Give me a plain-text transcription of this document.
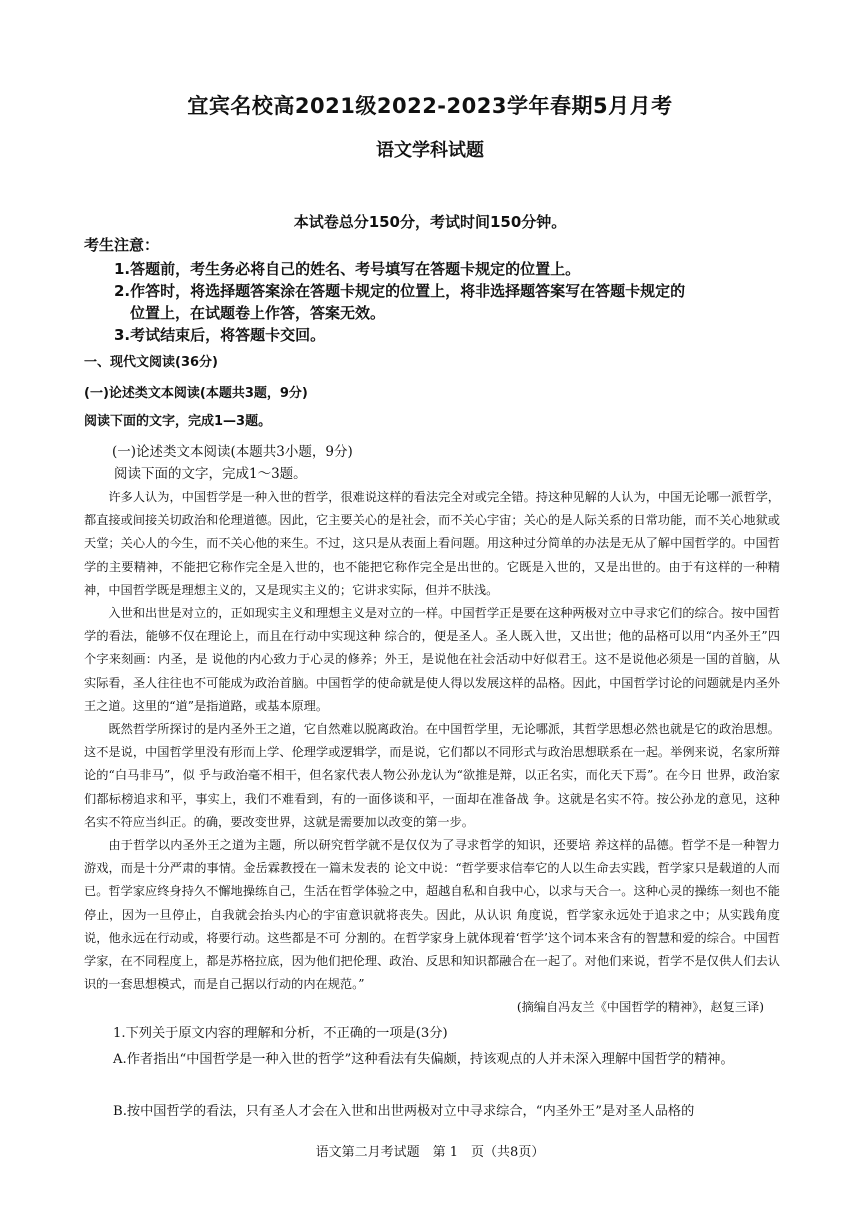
宜宾名校高2021级2022-2023学年春期5月月考
语文学科试题
本试卷总分150分，考试时间150分钟。
考生注意：
1.答题前，考生务必将自己的姓名、考号填写在答题卡规定的位置上。
2.作答时，将选择题答案涂在答题卡规定的位置上，将非选择题答案写在答题卡规定的
位置上，在试题卷上作答，答案无效。
3.考试结束后，将答题卡交回。
一、现代文阅读(36分)
(一)论述类文本阅读(本题共3题，9分)
阅读下面的文字，完成1—3题。
(一)论述类文本阅读(本题共3小题，9分)
阅读下面的文字，完成1～3题。

许多人认为，中国哲学是一种入世的哲学，很难说这样的看法完全对或完全错。持这种见解的人认为，中国无论哪一派哲学，都直接或间接关切政治和伦理道德。因此，它主要关心的是社会，而不关心宇宙；关心的是人际关系的日常功能，而不关心地狱或天堂；关心人的今生，而不关心他的来生。不过，这只是从表面上看问题。用这种过分简单的办法是无从了解中国哲学的。中国哲学的主要精神，不能把它称作完全是入世的，也不能把它称作完全是出世的。它既是入世的，又是出世的。由于有这样的一种精神，中国哲学既是理想主义的，又是现实主义的；它讲求实际，但并不肤浅。

入世和出世是对立的，正如现实主义和理想主义是对立的一样。中国哲学正是要在这种两极对立中寻求它们的综合。按中国哲学的看法，能够不仅在理论上，而且在行动中实现这种 综合的，便是圣人。圣人既入世，又出世；他的品格可以用“内圣外王”四个字来刻画：内圣，是 说他的内心致力于心灵的修养；外王，是说他在社会活动中好似君王。这不是说他必须是一国的首脑，从实际看，圣人往往也不可能成为政治首脑。中国哲学的使命就是使人得以发展这样的品格。因此，中国哲学讨论的问题就是内圣外王之道。这里的“道”是指道路，或基本原理。

既然哲学所探讨的是内圣外王之道，它自然难以脱离政治。在中国哲学里，无论哪派，其哲学思想必然也就是它的政治思想。这不是说，中国哲学里没有形而上学、伦理学或逻辑学，而是说，它们都以不同形式与政治思想联系在一起。举例来说，名家所辩论的“白马非马”，似 乎与政治毫不相干，但名家代表人物公孙龙认为“欲推是辩，以正名实，而化天下焉”。在今日 世界，政治家们都标榜追求和平，事实上，我们不难看到，有的一面侈谈和平，一面却在准备战 争。这就是名实不符。按公孙龙的意见，这种名实不符应当纠正。的确，要改变世界，这就是需要加以改变的第一步。

由于哲学以内圣外王之道为主题，所以研究哲学就不是仅仅为了寻求哲学的知识，还要培 养这样的品德。哲学不是一种智力游戏，而是十分严肃的事情。金岳霖教授在一篇未发表的 论文中说：“哲学要求信奉它的人以生命去实践，哲学家只是载道的人而已。哲学家应终身持久不懈地操练自己，生活在哲学体验之中，超越自私和自我中心，以求与天合一。这种心灵的操练一刻也不能停止，因为一旦停止，自我就会抬头内心的宇宙意识就将丧失。因此，从认识 角度说，哲学家永远处于追求之中；从实践角度说，他永远在行动或，将要行动。这些都是不可 分割的。在哲学家身上就体现着‘哲学’这个词本来含有的智慧和爱的综合。中国哲学家，在不同程度上，都是苏格拉底，因为他们把伦理、政治、反思和知识都融合在一起了。对他们来说，哲学不是仅供人们去认识的一套思想模式，而是自己据以行动的内在规范。”

(摘编自冯友兰《中国哲学的精神》，赵复三译)
1.下列关于原文内容的理解和分析，不正确的一项是(3分)
A.作者指出“中国哲学是一种入世的哲学”这种看法有失偏颇，持该观点的人并未深入理解中国哲学的精神。
B.按中国哲学的看法，只有圣人才会在入世和出世两极对立中寻求综合，“内圣外王”是对圣人品格的
语文第二月考试题　第 1　页（共8页）
